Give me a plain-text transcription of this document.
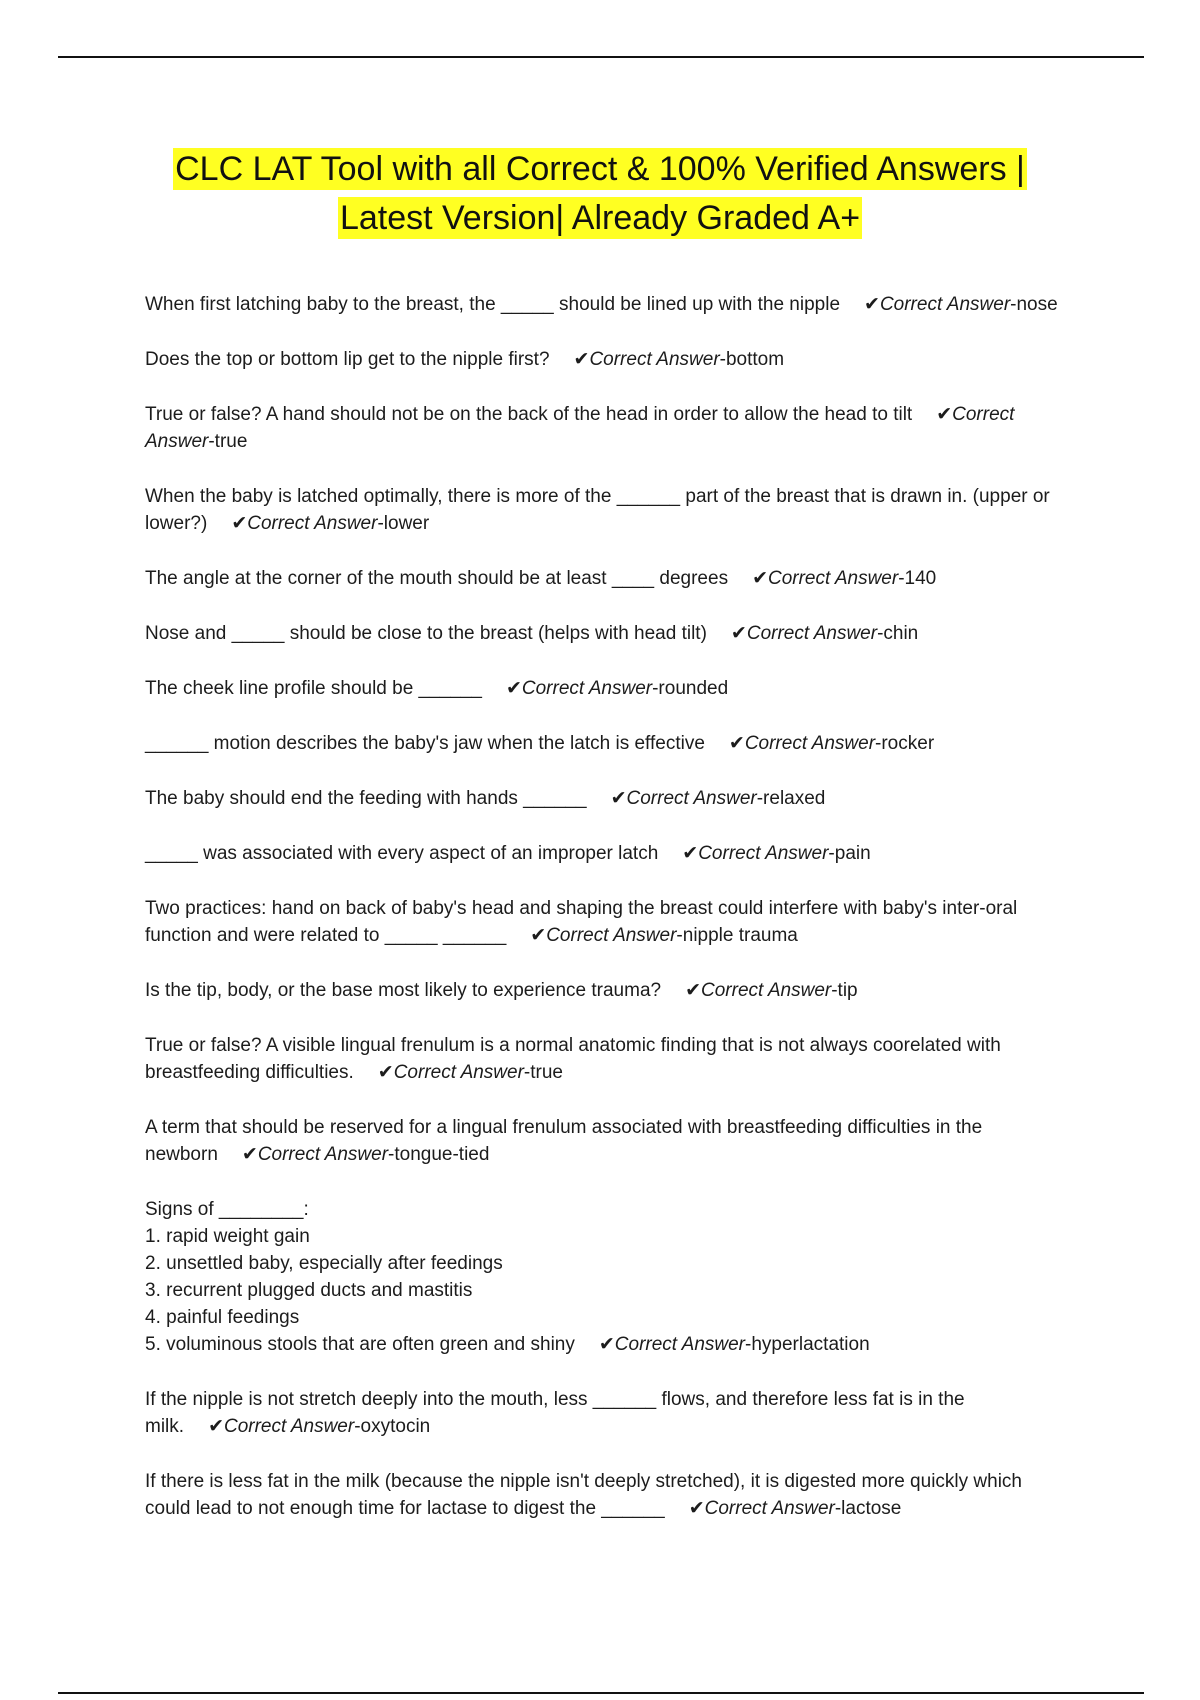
CLC LAT Tool with all Correct & 100% Verified Answers |
Latest Version| Already Graded A+

When first latching baby to the breast, the _____ should be lined up with the nipple ✔Correct Answer-nose

Does the top or bottom lip get to the nipple first? ✔Correct Answer-bottom

True or false? A hand should not be on the back of the head in order to allow the head to tilt ✔Correct Answer-true

When the baby is latched optimally, there is more of the ______ part of the breast that is drawn in. (upper or lower?) ✔Correct Answer-lower

The angle at the corner of the mouth should be at least ____ degrees ✔Correct Answer-140

Nose and _____ should be close to the breast (helps with head tilt) ✔Correct Answer-chin

The cheek line profile should be ______ ✔Correct Answer-rounded

______ motion describes the baby's jaw when the latch is effective ✔Correct Answer-rocker

The baby should end the feeding with hands ______ ✔Correct Answer-relaxed

_____ was associated with every aspect of an improper latch ✔Correct Answer-pain

Two practices: hand on back of baby's head and shaping the breast could interfere with baby's inter-oral function and were related to _____ ______ ✔Correct Answer-nipple trauma

Is the tip, body, or the base most likely to experience trauma? ✔Correct Answer-tip

True or false? A visible lingual frenulum is a normal anatomic finding that is not always coorelated with breastfeeding difficulties. ✔Correct Answer-true

A term that should be reserved for a lingual frenulum associated with breastfeeding difficulties in the newborn ✔Correct Answer-tongue-tied

Signs of ________:
1. rapid weight gain
2. unsettled baby, especially after feedings
3. recurrent plugged ducts and mastitis
4. painful feedings
5. voluminous stools that are often green and shiny ✔Correct Answer-hyperlactation

If the nipple is not stretch deeply into the mouth, less ______ flows, and therefore less fat is in the milk. ✔Correct Answer-oxytocin

If there is less fat in the milk (because the nipple isn't deeply stretched), it is digested more quickly which could lead to not enough time for lactase to digest the ______ ✔Correct Answer-lactose
